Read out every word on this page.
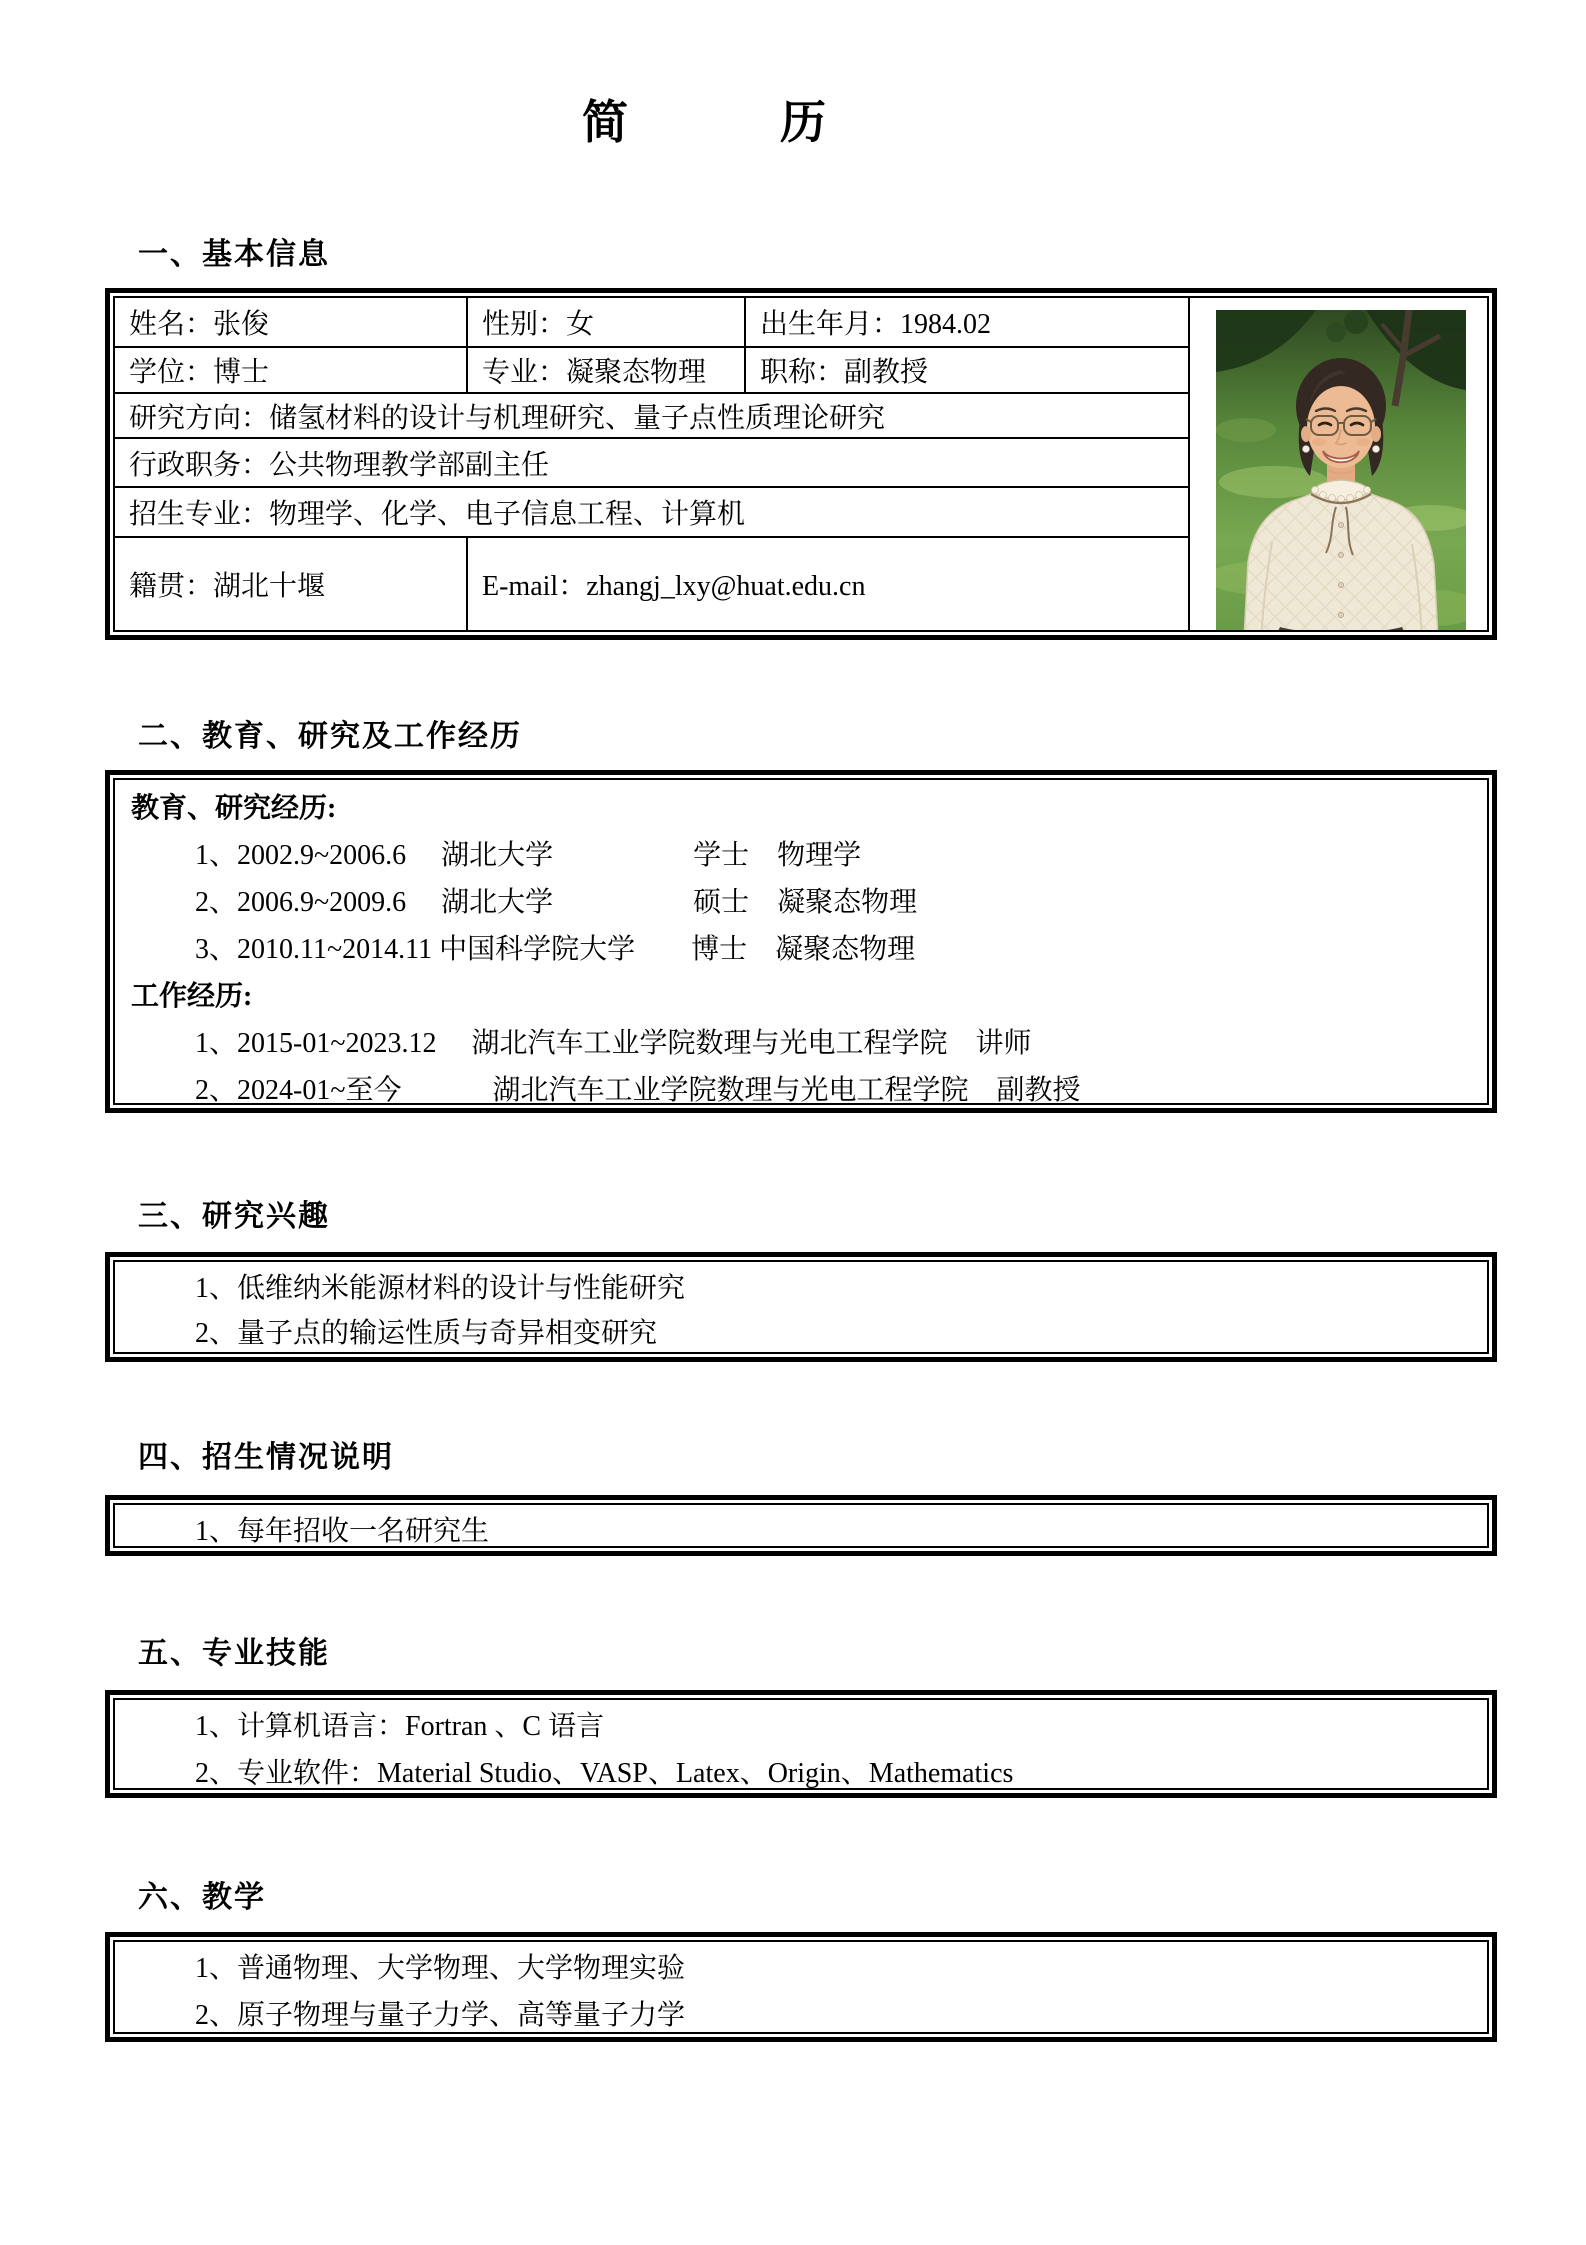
简	历
一、基本信息
姓名：张俊	性别：女	出生年月：1984.02
学位：博士	专业：凝聚态物理	职称：副教授
研究方向：储氢材料的设计与机理研究、量子点性质理论研究
行政职务：公共物理教学部副主任
招生专业：物理学、化学、电子信息工程、计算机
籍贯：湖北十堰	E-mail：zhangj_lxy@huat.edu.cn
二、教育、研究及工作经历
教育、研究经历:
1、2002.9~2006.6　 湖北大学　　　　　学士　物理学
2、2006.9~2009.6　 湖北大学　　　　　硕士　凝聚态物理
3、2010.11~2014.11 中国科学院大学　　博士　凝聚态物理
工作经历:
1、2015-01~2023.12　 湖北汽车工业学院数理与光电工程学院　讲师
2、2024-01~至今　　　 湖北汽车工业学院数理与光电工程学院　副教授
三、研究兴趣
1、低维纳米能源材料的设计与性能研究
2、量子点的输运性质与奇异相变研究
四、招生情况说明
1、每年招收一名研究生
五、专业技能
1、计算机语言：Fortran 、C 语言
2、专业软件：Material Studio、VASP、Latex、Origin、Mathematics
六、教学
1、普通物理、大学物理、大学物理实验
2、原子物理与量子力学、高等量子力学
